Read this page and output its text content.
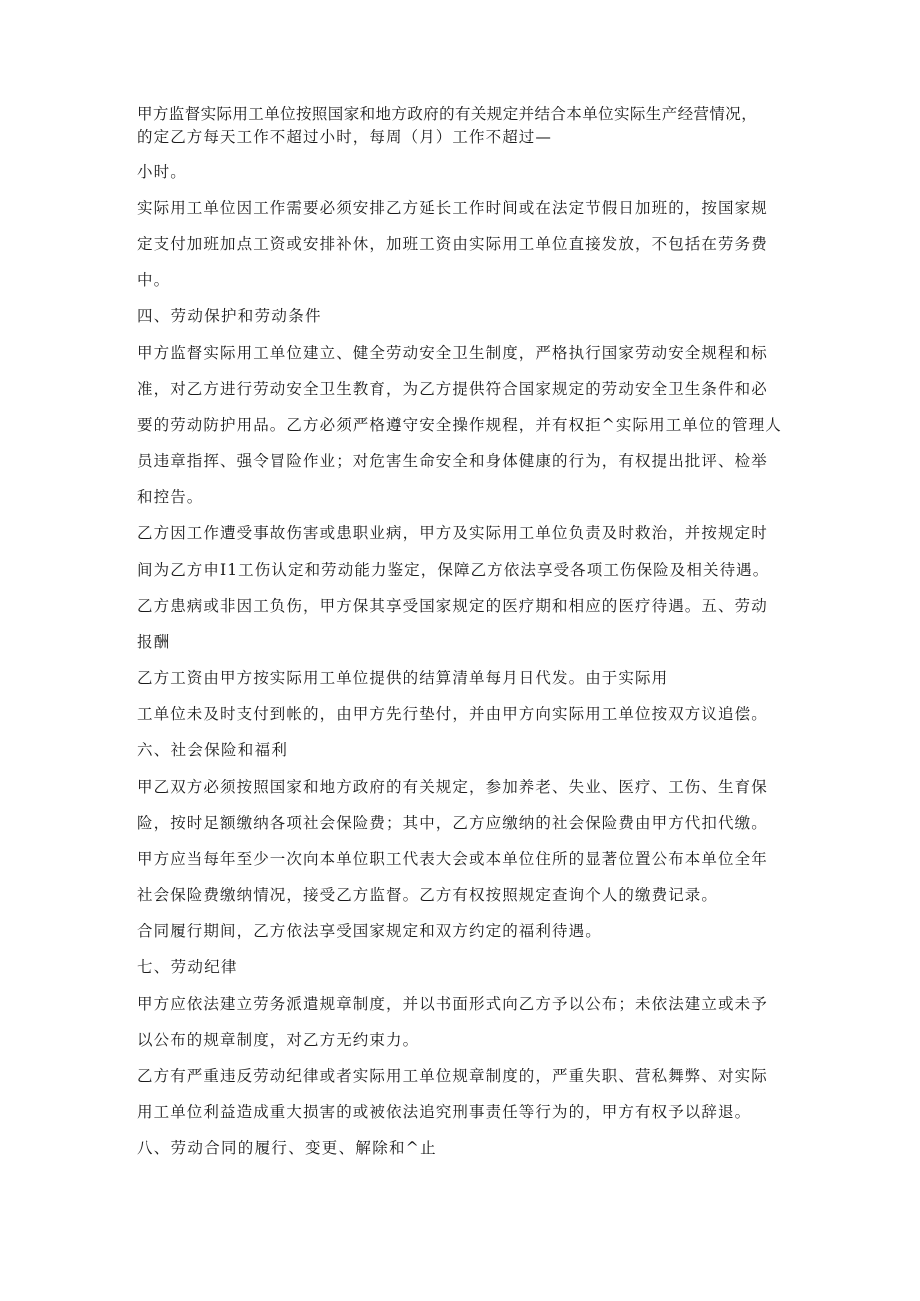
甲方监督实际用工单位按照国家和地方政府的有关规定并结合本单位实际生产经营情况，

的定乙方每天工作不超过小时，每周（月）工作不超过—

小时。

实际用工单位因工作需要必须安排乙方延长工作时间或在法定节假日加班的，按国家规

定支付加班加点工资或安排补休，加班工资由实际用工单位直接发放，不包括在劳务费

中。

四、劳动保护和劳动条件

甲方监督实际用工单位建立、健全劳动安全卫生制度，严格执行国家劳动安全规程和标

准，对乙方进行劳动安全卫生教育，为乙方提供符合国家规定的劳动安全卫生条件和必

要的劳动防护用品。乙方必须严格遵守安全操作规程，并有权拒^实际用工单位的管理人

员违章指挥、强令冒险作业；对危害生命安全和身体健康的行为，有权提出批评、检举

和控告。

乙方因工作遭受事故伤害或患职业病，甲方及实际用工单位负责及时救治，并按规定时

间为乙方申I1工伤认定和劳动能力鉴定，保障乙方依法享受各项工伤保险及相关待遇。

乙方患病或非因工负伤，甲方保其享受国家规定的医疗期和相应的医疗待遇。五、劳动

报酬

乙方工资由甲方按实际用工单位提供的结算清单每月日代发。由于实际用

工单位未及时支付到帐的，由甲方先行垫付，并由甲方向实际用工单位按双方议追偿。

六、社会保险和福利

甲乙双方必须按照国家和地方政府的有关规定，参加养老、失业、医疗、工伤、生育保

险，按时足额缴纳各项社会保险费；其中，乙方应缴纳的社会保险费由甲方代扣代缴。

甲方应当每年至少一次向本单位职工代表大会或本单位住所的显著位置公布本单位全年

社会保险费缴纳情况，接受乙方监督。乙方有权按照规定查询个人的缴费记录。

合同履行期间，乙方依法享受国家规定和双方约定的福利待遇。

七、劳动纪律

甲方应依法建立劳务派遣规章制度，并以书面形式向乙方予以公布；未依法建立或未予

以公布的规章制度，对乙方无约束力。

乙方有严重违反劳动纪律或者实际用工单位规章制度的，严重失职、营私舞弊、对实际

用工单位利益造成重大损害的或被依法追究刑事责任等行为的，甲方有权予以辞退。

八、劳动合同的履行、变更、解除和^止
